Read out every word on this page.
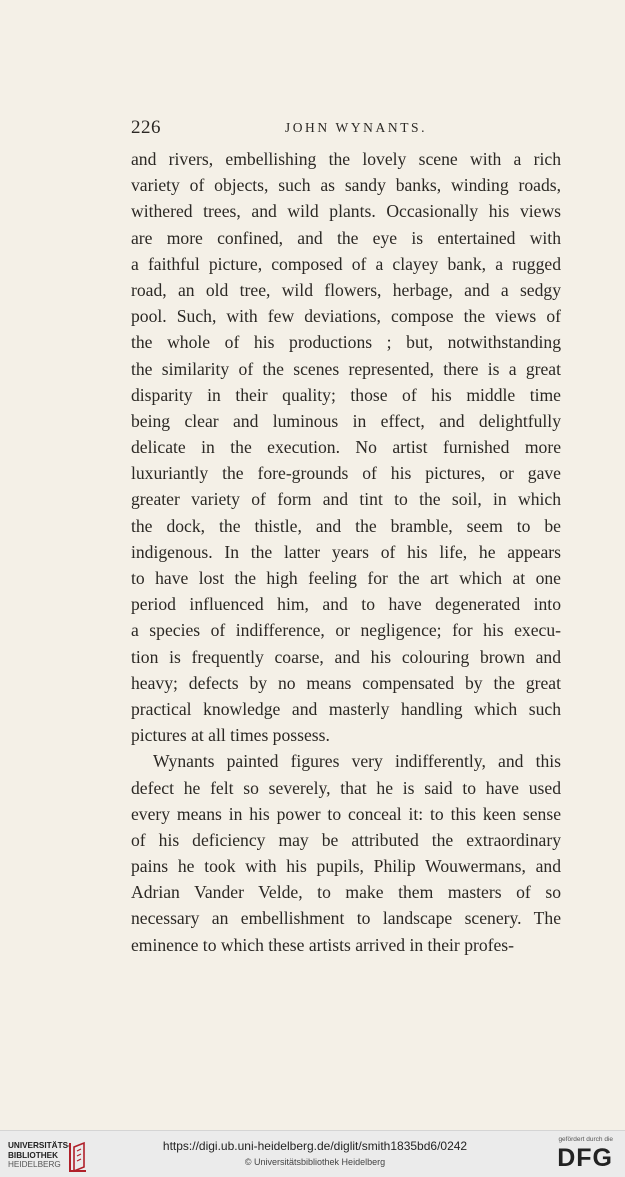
226	JOHN WYNANTS.
and rivers, embellishing the lovely scene with a rich
variety of objects, such as sandy banks, winding roads,
withered trees, and wild plants. Occasionally his views
are more confined, and the eye is entertained with
a faithful picture, composed of a clayey bank, a rugged
road, an old tree, wild flowers, herbage, and a sedgy
pool. Such, with few deviations, compose the views of
the whole of his productions ; but, notwithstanding
the similarity of the scenes represented, there is a great
disparity in their quality; those of his middle time
being clear and luminous in effect, and delightfully
delicate in the execution. No artist furnished more
luxuriantly the fore-grounds of his pictures, or gave
greater variety of form and tint to the soil, in which
the dock, the thistle, and the bramble, seem to be
indigenous. In the latter years of his life, he appears
to have lost the high feeling for the art which at one
period influenced him, and to have degenerated into
a species of indifference, or negligence; for his execu-
tion is frequently coarse, and his colouring brown and
heavy; defects by no means compensated by the great
practical knowledge and masterly handling which such
pictures at all times possess.
Wynants painted figures very indifferently, and this
defect he felt so severely, that he is said to have used
every means in his power to conceal it: to this keen sense
of his deficiency may be attributed the extraordinary
pains he took with his pupils, Philip Wouwermans, and
Adrian Vander Velde, to make them masters of so
necessary an embellishment to landscape scenery. The
eminence to which these artists arrived in their profes-
UNIVERSITÄTS-
BIBLIOTHEK
HEIDELBERG
https://digi.ub.uni-heidelberg.de/diglit/smith1835bd6/0242
© Universitätsbibliothek Heidelberg
gefördert durch die
DFG
